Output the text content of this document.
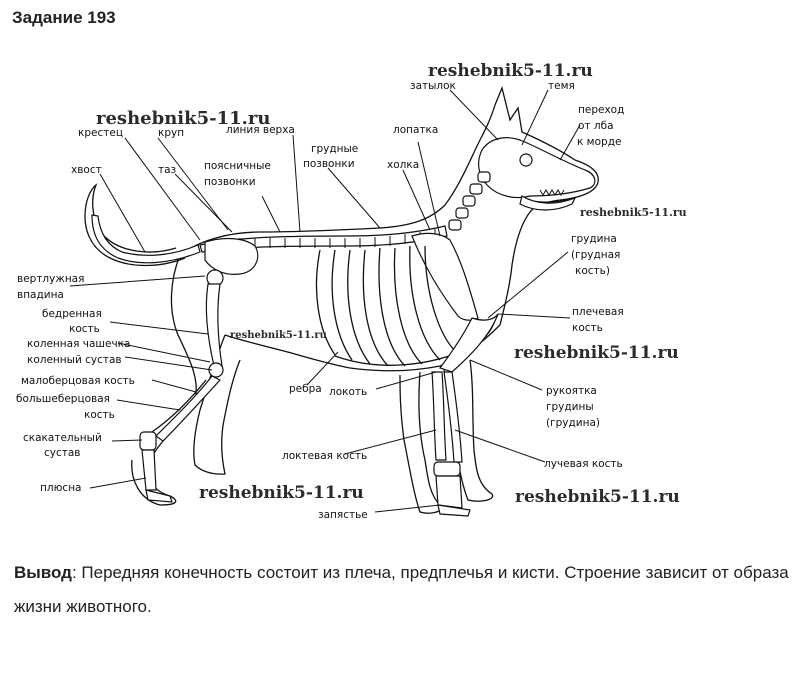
Задание 193
затылок	темя
переход
от лба
к морде
лопатка
холка
грудные
позвонки
линия верха
крестец	круп
хвост	таз	поясничные
позвонки
вертлужная
впадина
бедренная
кость
коленная чашечка
коленный сустав
малоберцовая кость
большеберцовая
кость
скакательный
сустав
плюсна
грудина
(грудная
кость)
плечевая
кость
ребра локоть	рукоятка
грудины
(грудина)
локтевая кость
лучевая кость
запястье
reshebnik5-11.ru
reshebnik5-11.ru
reshebnik5-11.ru
reshebnik5-11.ru
reshebnik5-11.ru
reshebnik5-11.ru	reshebnik5-11.ru
Вывод: Передняя конечность состоит из плеча, предплечья и кисти. Строение зависит от образа жизни животного.
